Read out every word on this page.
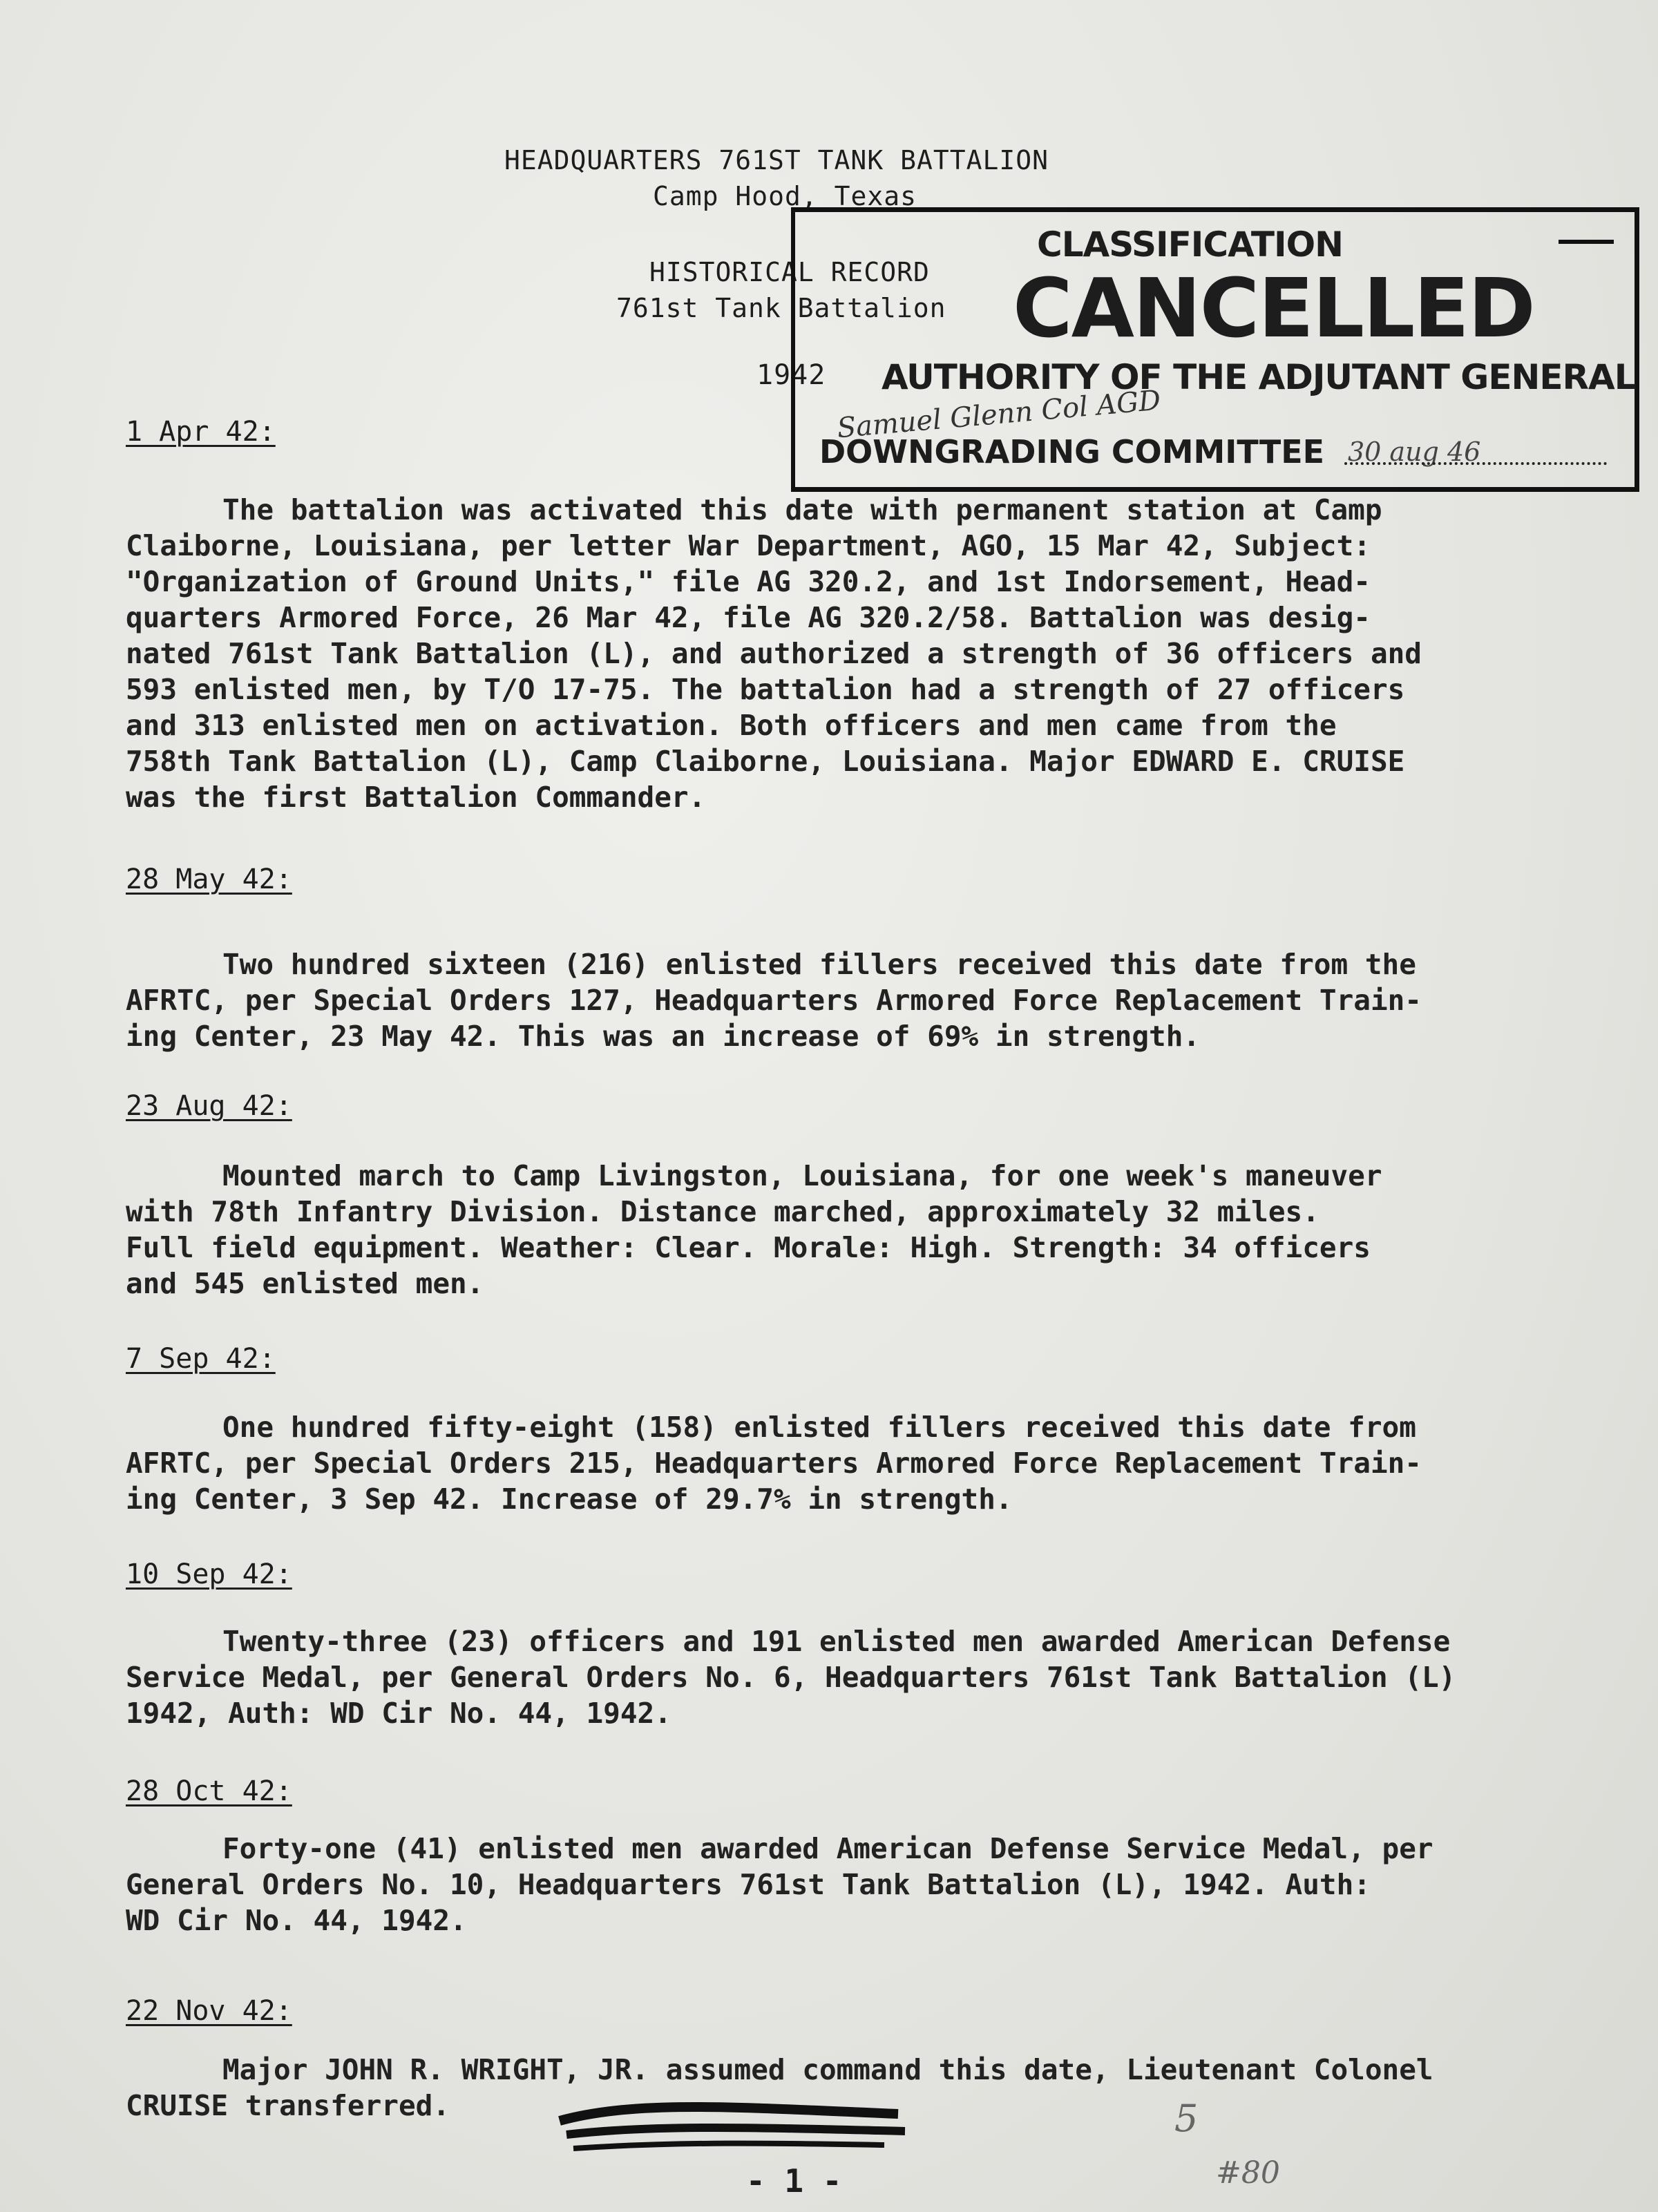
HEADQUARTERS 761ST TANK BATTALION
Camp Hood, Texas
HISTORICAL RECORD
761st Tank Battalion
1942
CLASSIFICATION
CANCELLED
AUTHORITY OF THE ADJUTANT GENERAL
Samuel Glenn Col AGD
DOWNGRADING COMMITTEE 30 aug 46
1 Apr 42:
The battalion was activated this date with permanent station at Camp
Claiborne, Louisiana, per letter War Department, AGO, 15 Mar 42, Subject:
"Organization of Ground Units," file AG 320.2, and 1st Indorsement, Head-
quarters Armored Force, 26 Mar 42, file AG 320.2/58. Battalion was desig-
nated 761st Tank Battalion (L), and authorized a strength of 36 officers and
593 enlisted men, by T/O 17-75. The battalion had a strength of 27 officers
and 313 enlisted men on activation. Both officers and men came from the
758th Tank Battalion (L), Camp Claiborne, Louisiana. Major EDWARD E. CRUISE
was the first Battalion Commander.
28 May 42:
Two hundred sixteen (216) enlisted fillers received this date from the
AFRTC, per Special Orders 127, Headquarters Armored Force Replacement Train-
ing Center, 23 May 42. This was an increase of 69% in strength.
23 Aug 42:
Mounted march to Camp Livingston, Louisiana, for one week's maneuver
with 78th Infantry Division. Distance marched, approximately 32 miles.
Full field equipment. Weather: Clear. Morale: High. Strength: 34 officers
and 545 enlisted men.
7 Sep 42:
One hundred fifty-eight (158) enlisted fillers received this date from
AFRTC, per Special Orders 215, Headquarters Armored Force Replacement Train-
ing Center, 3 Sep 42. Increase of 29.7% in strength.
10 Sep 42:
Twenty-three (23) officers and 191 enlisted men awarded American Defense
Service Medal, per General Orders No. 6, Headquarters 761st Tank Battalion (L)
1942, Auth: WD Cir No. 44, 1942.
28 Oct 42:
Forty-one (41) enlisted men awarded American Defense Service Medal, per
General Orders No. 10, Headquarters 761st Tank Battalion (L), 1942. Auth:
WD Cir No. 44, 1942.
22 Nov 42:
Major JOHN R. WRIGHT, JR. assumed command this date, Lieutenant Colonel
CRUISE transferred.
- 1 -
5
#80
